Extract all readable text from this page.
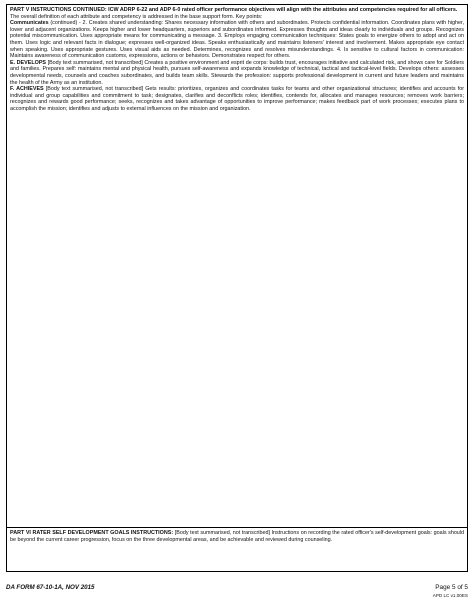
PART V INSTRUCTIONS CONTINUED: ICW ADRP 6-22 and ADP 6-0 rated officer performance objectives will align with the attributes and competencies required for all officers.

The overall definition of each attribute and competency is addressed in the base support form. Key points:

Communicates (continued) - 2. Creates shared understanding: Shares necessary information with others and subordinates. Protects confidential information. Coordinates plans with higher, lower and adjacent organizations. Keeps higher and lower headquarters, superiors and subordinates informed. Expresses thoughts and ideas clearly to individuals and groups. Recognizes potential miscommunication. Uses appropriate means for communicating a message. 3. Employs engaging communication techniques: States goals to energize others to adopt and act on them. Uses logic and relevant facts in dialogue; expresses well-organized ideas. Speaks enthusiastically and maintains listeners' interest and involvement. Makes appropriate eye contact when speaking. Uses appropriate gestures. Uses visual aids as needed. Determines, recognizes and resolves misunderstandings. 4. Is sensitive to cultural factors in communication: Maintains awareness of communication customs, expressions, actions or behaviors. Demonstrates respect for others.

E. DEVELOPS [Body text summarised, not transcribed] Creates a positive environment and esprit de corps: builds trust, encourages initiative and calculated risk, and shows care for Soldiers and families. Prepares self: maintains mental and physical health, pursues self-awareness and expands knowledge of technical, tactical and tactical-level fields. Develops others: assesses developmental needs, counsels and coaches subordinates, and builds team skills. Stewards the profession: supports professional development in current and future leaders and maintains the health of the Army as an institution.

F. ACHIEVES [Body text summarised, not transcribed] Gets results: prioritizes, organizes and coordinates tasks for teams and other organizational structures; identifies and accounts for individual and group capabilities and commitment to task; designates, clarifies and deconflicts roles; identifies, contends for, allocates and manages resources; removes work barriers; recognizes and rewards good performance; seeks, recognizes and takes advantage of opportunities to improve performance; makes feedback part of work processes; executes plans to accomplish the mission; identifies and adjusts to external influences on the mission and organization.

PART VI RATER SELF DEVELOPMENT GOALS INSTRUCTIONS: [Body text summarised, not transcribed] Instructions on recording the rated officer's self-development goals: goals should be beyond the current career progression, focus on the three developmental areas, and be achievable and reviewed during counseling.

DA FORM 67-10-1A, NOV 2015	Page 5 of 5
APD LC v1.00ES
